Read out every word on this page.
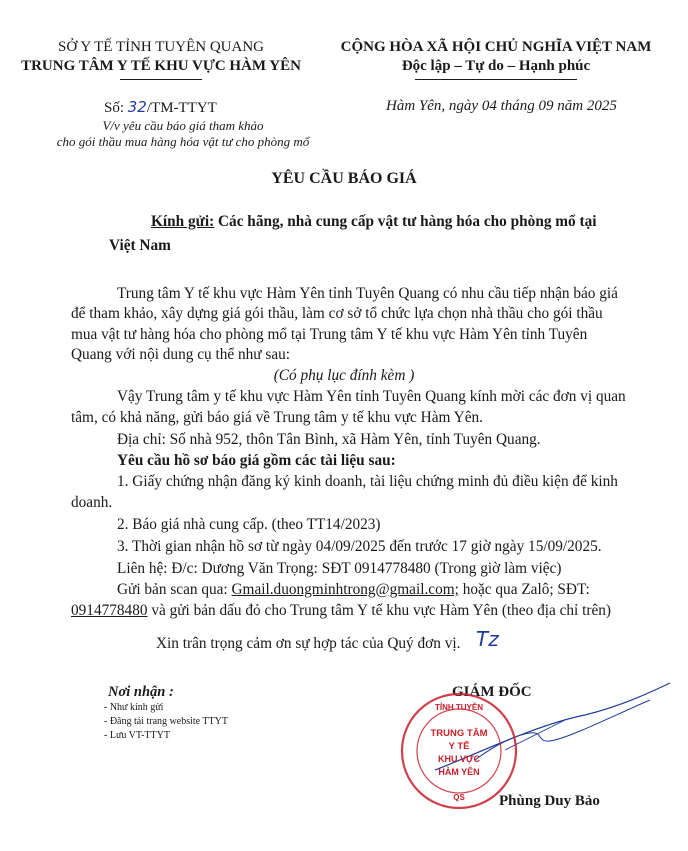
SỞ Y TẾ TỈNH TUYÊN QUANG
TRUNG TÂM Y TẾ KHU VỰC HÀM YÊN
CỘNG HÒA XÃ HỘI CHỦ NGHĨA VIỆT NAM
Độc lập – Tự do – Hạnh phúc
Số: 32/TM-TTYT
V/v yêu cầu báo giá tham khảo
cho gói thầu mua hàng hóa vật tư cho phòng mổ
Hàm Yên, ngày 04 tháng 09 năm 2025
YÊU CẦU BÁO GIÁ
Kính gửi: Các hãng, nhà cung cấp vật tư hàng hóa cho phòng mổ tại
Việt Nam
Trung tâm Y tế khu vực Hàm Yên tỉnh Tuyên Quang có nhu cầu tiếp nhận báo giá
để tham khảo, xây dựng giá gói thầu, làm cơ sở tổ chức lựa chọn nhà thầu cho gói thầu
mua vật tư hàng hóa cho phòng mổ tại Trung tâm Y tế khu vực Hàm Yên tỉnh Tuyên
Quang với nội dung cụ thể như sau:
(Có phụ lục đính kèm )
Vậy Trung tâm y tế khu vực Hàm Yên tỉnh Tuyên Quang kính mời các đơn vị quan
tâm, có khả năng, gửi báo giá về Trung tâm y tế khu vực Hàm Yên.
Địa chỉ: Số nhà 952, thôn Tân Bình, xã Hàm Yên, tỉnh Tuyên Quang.
Yêu cầu hồ sơ báo giá gồm các tài liệu sau:
1. Giấy chứng nhận đăng ký kinh doanh, tài liệu chứng minh đủ điều kiện để kinh
doanh.
2. Báo giá nhà cung cấp. (theo TT14/2023)
3. Thời gian nhận hồ sơ từ ngày 04/09/2025 đến trước 17 giờ ngày 15/09/2025.
Liên hệ: Đ/c: Dương Văn Trọng: SĐT 0914778480 (Trong giờ làm việc)
Gửi bản scan qua: Gmail.duongminhtrong@gmail.com; hoặc qua Zalô; SĐT:
0914778480 và gửi bản dấu đỏ cho Trung tâm Y tế khu vực Hàm Yên (theo địa chỉ trên)
Xin trân trọng cảm ơn sự hợp tác của Quý đơn vị. Tz
Nơi nhận :
- Như kính gửi
- Đăng tải trang website TTYT
- Lưu VT-TTYT
GIÁM ĐỐC
TỈNH TUYÊN
TRUNG TÂM
Y TẾ
KHU VỰC
HÀM YÊN
QS Phùng Duy Bảo
